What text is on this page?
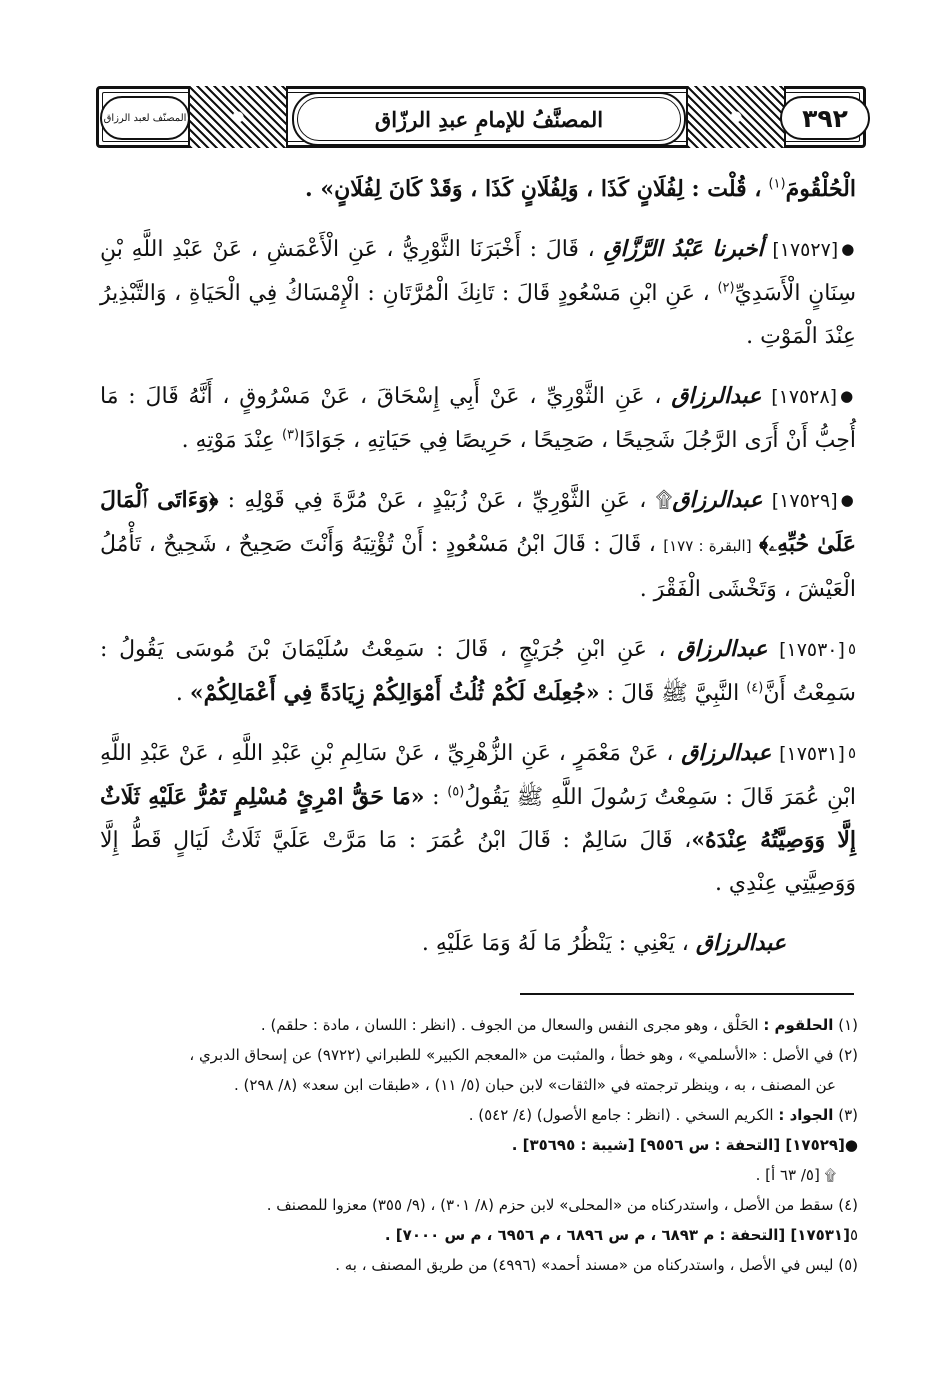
المصنّف لعبد الرزاق	المصنَّفُ للإمامِ عبدِ الرزّاق	٣٩٢

الْحُلْقُومَ$^{(١)}$ ، قُلْت : لِفُلَانٍ كَذَا ، وَلِفُلَانٍ كَذَا ، وَقَدْ كَانَ لِفُلَانٍ» .

●[١٧٥٢٧] أخبرنا عَبْدُ الرَّزَّاقِ ، قَالَ : أَخْبَرَنَا الثَّوْرِيُّ ، عَنِ الْأَعْمَشِ ، عَنْ عَبْدِ اللَّهِ بْنِ سِنَانٍ الْأَسَدِيِّ$^{(٢)}$ ، عَنِ ابْنِ مَسْعُودٍ قَالَ : تَانِكَ الْمُرَّتَانِ : الْإِمْسَاكُ فِي الْحَيَاةِ ، وَالتَّبْذِيرُ عِنْدَ الْمَوْتِ .

●[١٧٥٢٨] عبدالرزاق ، عَنِ الثَّوْرِيِّ ، عَنْ أَبِي إِسْحَاقَ ، عَنْ مَسْرُوقٍ ، أَنَّهُ قَالَ : مَا أُحِبُّ أَنْ أَرَى الرَّجُلَ شَحِيحًا ، صَحِيحًا ، حَرِيصًا فِي حَيَاتِهِ ، جَوَادًا$^{(٣)}$ عِنْدَ مَوْتِهِ .

●[١٧٥٢٩] عبدالرزاق۩ ، عَنِ الثَّوْرِيِّ ، عَنْ زُبَيْدٍ ، عَنْ مُرَّةَ فِي قَوْلِهِ : ﴿وَءَاتَى ٱلْمَالَ عَلَىٰ حُبِّهِۦ﴾ [البقرة : ١٧٧] ، قَالَ : قَالَ ابْنُ مَسْعُودٍ : أَنْ تُؤْتِيَهُ وَأَنْتَ صَحِيحٌ ، شَحِيحٌ ، تَأْمُلُ الْعَيْشَ ، وَتَخْشَى الْفَقْرَ .

٥[١٧٥٣٠] عبدالرزاق ، عَنِ ابْنِ جُرَيْجٍ ، قَالَ : سَمِعْتُ سُلَيْمَانَ بْنَ مُوسَى يَقُولُ : سَمِعْتُ أَنَّ$^{(٤)}$ النَّبِيَّ ﷺ قَالَ : «جُعِلَتْ لَكُمْ ثُلُثُ أَمْوَالِكُمْ زِيَادَةً فِي أَعْمَالِكُمْ» .

٥[١٧٥٣١] عبدالرزاق ، عَنْ مَعْمَرٍ ، عَنِ الزُّهْرِيِّ ، عَنْ سَالِمِ بْنِ عَبْدِ اللَّهِ ، عَنْ عَبْدِ اللَّهِ ابْنِ عُمَرَ قَالَ : سَمِعْتُ رَسُولَ اللَّهِ ﷺ يَقُولُ$^{(٥)}$ : «مَا حَقُّ امْرِئٍ مُسْلِمٍ تَمُرُّ عَلَيْهِ ثَلَاثٌ إِلَّا وَوَصِيَّتُهُ عِنْدَهُ»، قَالَ سَالِمٌ : قَالَ ابْنُ عُمَرَ : مَا مَرَّتْ عَلَيَّ ثَلَاثُ لَيَالٍ قَطُّ إِلَّا وَوَصِيَّتِي عِنْدِي .

عبدالرزاق ، يَعْنِي : يَنْظُرُ مَا لَهُ وَمَا عَلَيْهِ .

(١) الحلقوم : الحَلْق ، وهو مجرى النفس والسعال من الجوف . (انظر : اللسان ، مادة : حلقم) .
(٢) في الأصل : «الأسلمي» ، وهو خطأ ، والمثبت من «المعجم الكبير» للطبراني (٩٧٢٢) عن إسحاق الدبري ،
عن المصنف ، به ، وينظر ترجمته في «الثقات» لابن حبان (٥/ ١١) ، «طبقات ابن سعد» (٨/ ٢٩٨) .
(٣) الجواد : الكريم السخي . (انظر : جامع الأصول) (٤/ ٥٤٢) .
●[١٧٥٢٩] [التحفة : س ٩٥٥٦] [شيبة : ٣٥٦٩٥] .
۩ [٥/ ٦٣ أ] .
(٤) سقط من الأصل ، واستدركناه من «المحلى» لابن حزم (٨/ ٣٠١) ، (٩/ ٣٥٥) معزوا للمصنف .
٥[١٧٥٣١] [التحفة : م ٦٨٩٣ ، م س ٦٨٩٦ ، م ٦٩٥٦ ، م س ٧٠٠٠] .
(٥) ليس في الأصل ، واستدركناه من «مسند أحمد» (٤٩٩٦) من طريق المصنف ، به .
